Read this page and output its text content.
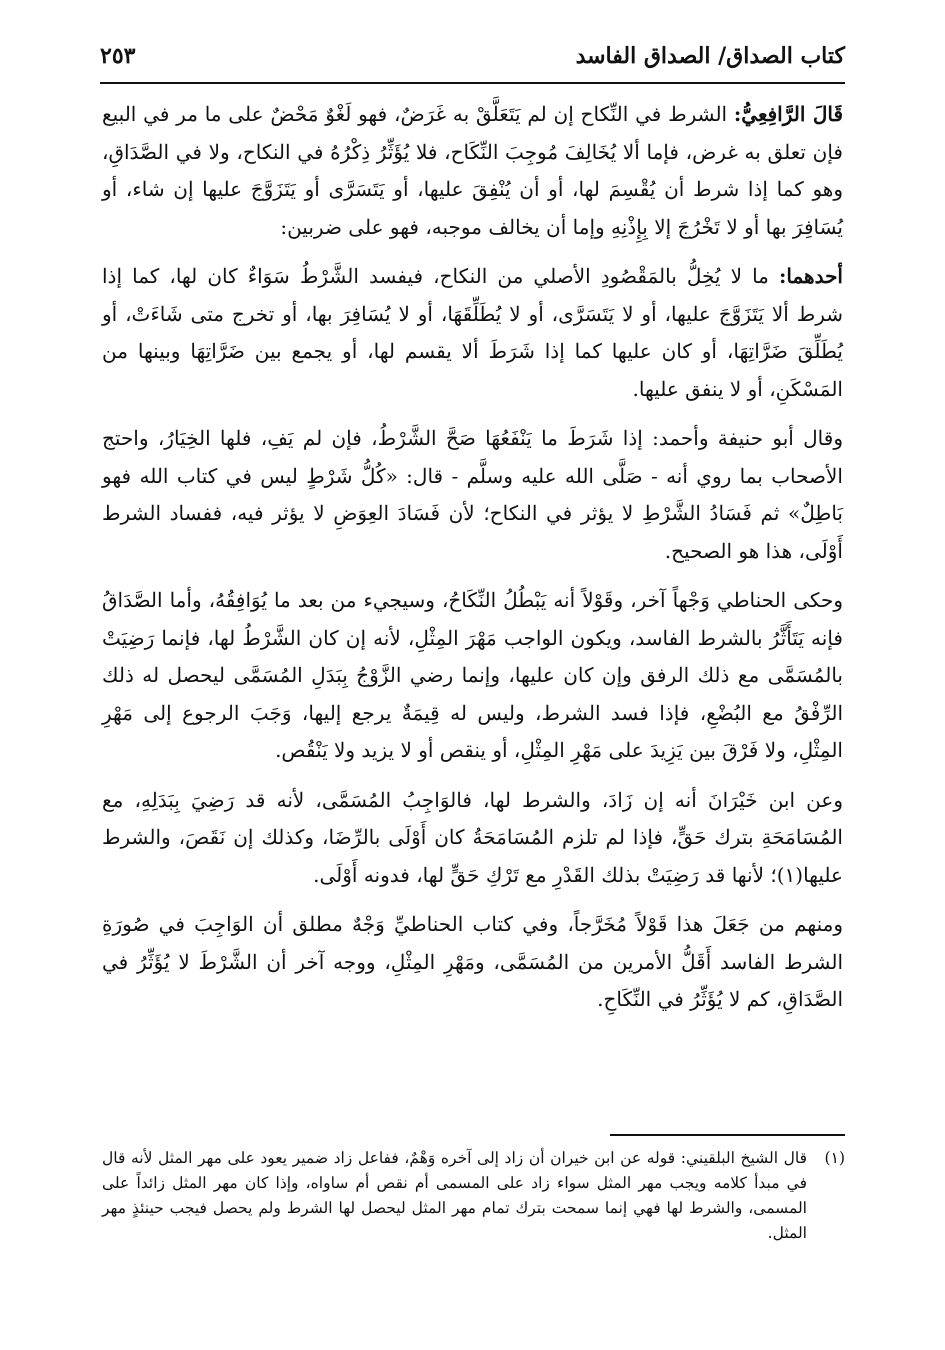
كتاب الصداق/ الصداق الفاسد
٢٥٣

قَالَ الرَّافِعِيُّ: الشرط في النِّكاح إن لم يَتَعَلَّقْ به غَرَضٌ، فهو لَغْوٌ مَحْضٌ على ما مر في البيع فإن تعلق به غرض، فإما ألا يُخَالِفَ مُوجِبَ النِّكَاح، فلا يُؤَثِّرُ ذِكْرُهُ في النكاح، ولا في الصَّدَاقِ، وهو كما إذا شرط أن يُقْسِمَ لها، أو أن يُنْفِقَ عليها، أو يَتَسَرَّى أو يَتَزَوَّجَ عليها إن شاء، أو يُسَافِرَ بها أو لا تَخْرُجَ إلا بِإِذْنِهِ وإما أن يخالف موجبه، فهو على ضربين:

أحدهما: ما لا يُخِلُّ بالمَقْصُودِ الأصلي من النكاح، فيفسد الشَّرْطُ سَوَاءٌ كان لها، كما إذا شرط ألا يَتَزَوَّجَ عليها، أو لا يَتَسَرَّى، أو لا يُطَلِّقَهَا، أو لا يُسَافِرَ بها، أو تخرج متى شَاءَتْ، أو يُطَلِّقَ ضَرَّاتِهَا، أو كان عليها كما إذا شَرَطَ ألا يقسم لها، أو يجمع بين ضَرَّاتِهَا وبينها من المَسْكَنِ، أو لا ينفق عليها.

وقال أبو حنيفة وأحمد: إذا شَرَطَ ما يَنْفَعُهَا صَحَّ الشَّرْطُ، فإن لم يَفِ، فلها الخِيَارُ، واحتج الأصحاب بما روي أنه - صَلَّى الله عليه وسلَّم - قال: «كُلُّ شَرْطٍ ليس في كتاب الله فهو بَاطِلٌ» ثم فَسَادُ الشَّرْطِ لا يؤثر في النكاح؛ لأن فَسَادَ العِوَضِ لا يؤثر فيه، ففساد الشرط أَوْلَى، هذا هو الصحيح.

وحكى الحناطي وَجْهاً آخر، وقَوْلاً أنه يَبْطُلُ النِّكَاحُ، وسيجيء من بعد ما يُوَافِقُهُ، وأما الصَّدَاقُ فإنه يَتَأَثَّرُ بالشرط الفاسد، ويكون الواجب مَهْرَ المِثْلِ، لأنه إن كان الشَّرْطُ لها، فإنما رَضِيَتْ بالمُسَمَّى مع ذلك الرفق وإن كان عليها، وإنما رضي الزَّوْجُ بِبَدَلِ المُسَمَّى ليحصل له ذلك الرِّفْقُ مع البُضْعِ، فإذا فسد الشرط، وليس له قِيمَةٌ يرجع إليها، وَجَبَ الرجوع إلى مَهْرِ المِثْلِ، ولا فَرْقَ بين يَزِيدَ على مَهْرِ المِثْلِ، أو ينقص أو لا يزيد ولا يَنْقُص.

وعن ابن خَيْرَانَ أنه إن زَادَ، والشرط لها، فالوَاجِبُ المُسَمَّى، لأنه قد رَضِيَ بِبَدَلِهِ، مع المُسَامَحَةِ بترك حَقٍّ، فإذا لم تلزم المُسَامَحَةُ كان أَوْلَى بالرِّضَا، وكذلك إن نَقَصَ، والشرط عليها(١)؛ لأنها قد رَضِيَتْ بذلك القَدْرِ مع تَرْكِ حَقٍّ لها، فدونه أَوْلَى.

ومنهم من جَعَلَ هذا قَوْلاً مُخَرَّجاً، وفي كتاب الحناطيِّ وَجْهٌ مطلق أن الوَاجِبَ في صُورَةِ الشرط الفاسد أَقَلُّ الأمرين من المُسَمَّى، ومَهْرِ المِثْلِ، ووجه آخر أن الشَّرْطَ لا يُؤَثِّرُ في الصَّدَاقِ، كم لا يُؤَثِّرُ في النِّكَاحِ.

(١)
قال الشيخ البلقيني: قوله عن ابن خيران أن زاد إلى آخره وَهْمٌ، ففاعل زاد ضمير يعود على مهر المثل لأنه قال في مبدأ كلامه ويجب مهر المثل سواء زاد على المسمى أم نقص أم ساواه، وإذا كان مهر المثل زائداً على المسمى، والشرط لها فهي إنما سمحت بترك تمام مهر المثل ليحصل لها الشرط ولم يحصل فيجب حينئذٍ مهر المثل.
